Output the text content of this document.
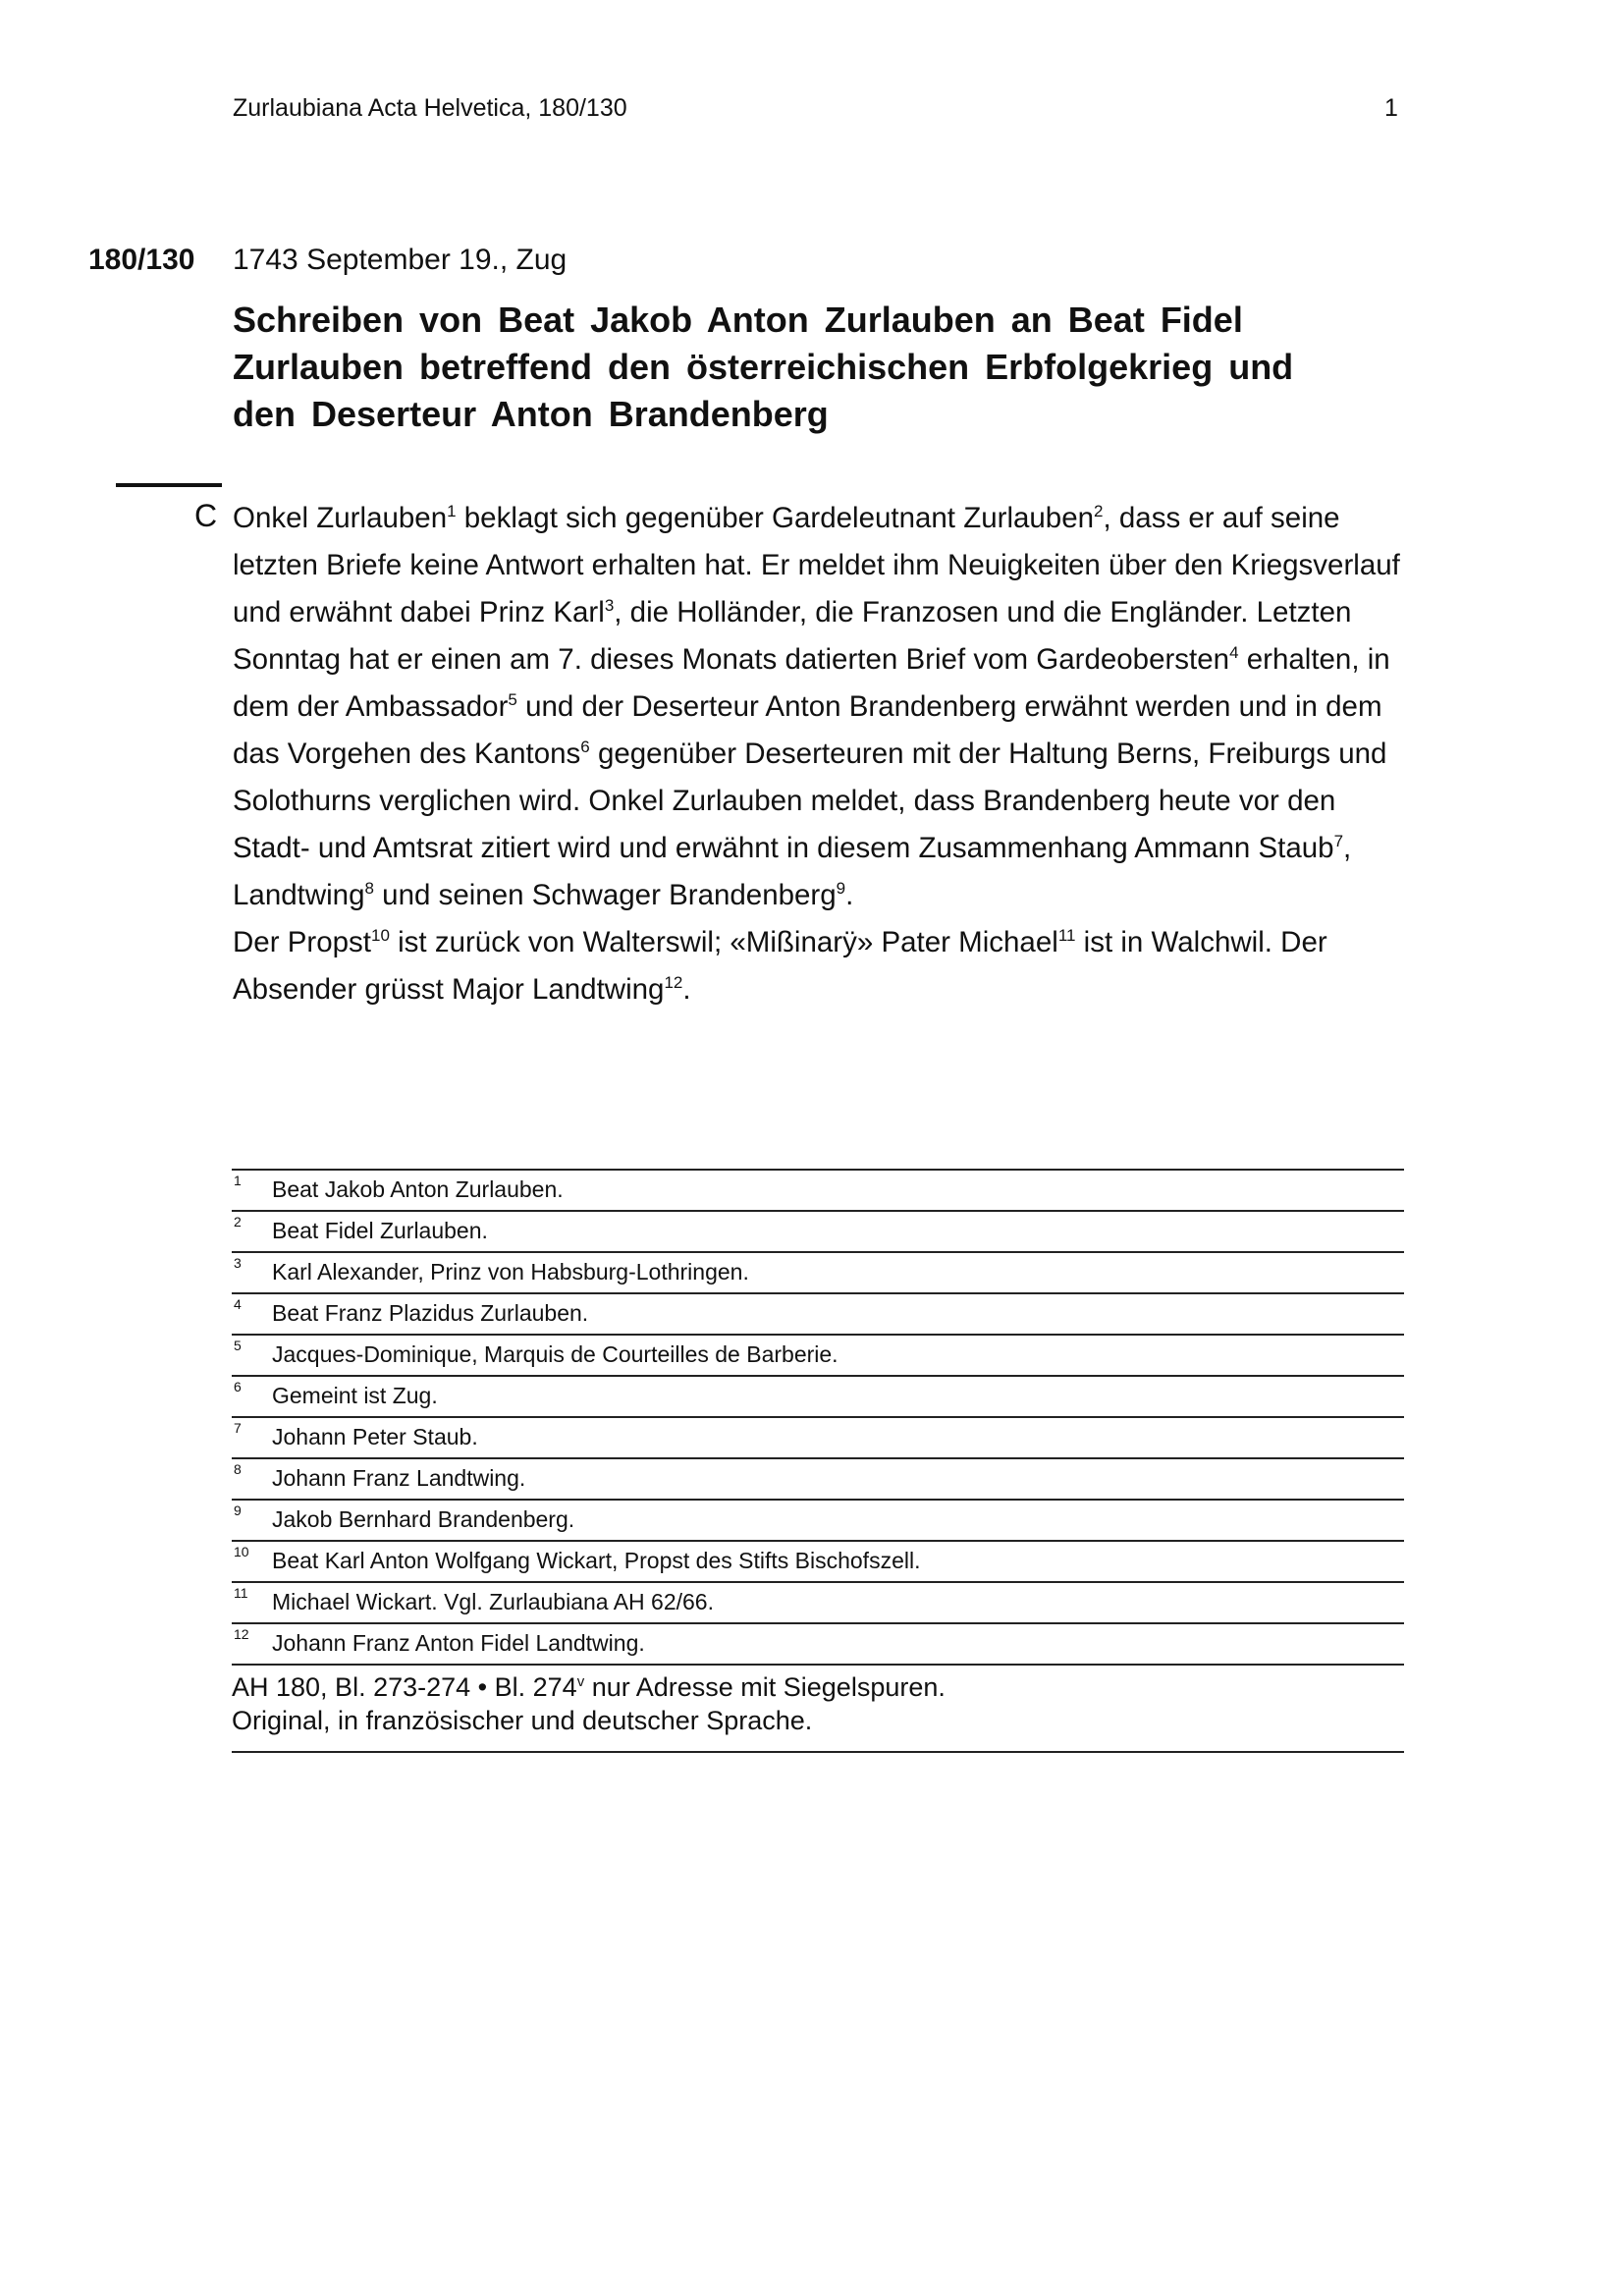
Zurlaubiana Acta Helvetica, 180/130	1
180/130 1743 September 19., Zug
Schreiben von Beat Jakob Anton Zurlauben an Beat Fidel Zurlauben betreffend den österreichischen Erbfolgekrieg und den Deserteur Anton Brandenberg
C Onkel Zurlauben$^1$ beklagt sich gegenüber Gardeleutnant Zurlauben$^2$, dass er auf seine letzten Briefe keine Antwort erhalten hat. Er meldet ihm Neuigkeiten über den Kriegsverlauf und erwähnt dabei Prinz Karl$^3$, die Holländer, die Franzosen und die Engländer. Letzten Sonntag hat er einen am 7. dieses Monats datierten Brief vom Gardeobersten$^4$ erhalten, in dem der Ambassador$^5$ und der Deserteur Anton Brandenberg erwähnt werden und in dem das Vorgehen des Kantons$^6$ gegenüber Deserteuren mit der Haltung Berns, Freiburgs und Solothurns verglichen wird. Onkel Zurlauben meldet, dass Brandenberg heute vor den Stadt- und Amtsrat zitiert wird und erwähnt in diesem Zusammenhang Ammann Staub$^7$, Landtwing$^8$ und seinen Schwager Brandenberg$^9$.
Der Propst$^{10}$ ist zurück von Walterswil; «Mißinarÿ» Pater Michael$^{11}$ ist in Walchwil. Der Absender grüsst Major Landtwing$^{12}$.
1 Beat Jakob Anton Zurlauben.
2 Beat Fidel Zurlauben.
3 Karl Alexander, Prinz von Habsburg-Lothringen.
4 Beat Franz Plazidus Zurlauben.
5 Jacques-Dominique, Marquis de Courteilles de Barberie.
6 Gemeint ist Zug.
7 Johann Peter Staub.
8 Johann Franz Landtwing.
9 Jakob Bernhard Brandenberg.
10 Beat Karl Anton Wolfgang Wickart, Propst des Stifts Bischofszell.
11 Michael Wickart. Vgl. Zurlaubiana AH 62/66.
12 Johann Franz Anton Fidel Landtwing.
AH 180, Bl. 273-274 • Bl. 274$^v$ nur Adresse mit Siegelspuren.
Original, in französischer und deutscher Sprache.
